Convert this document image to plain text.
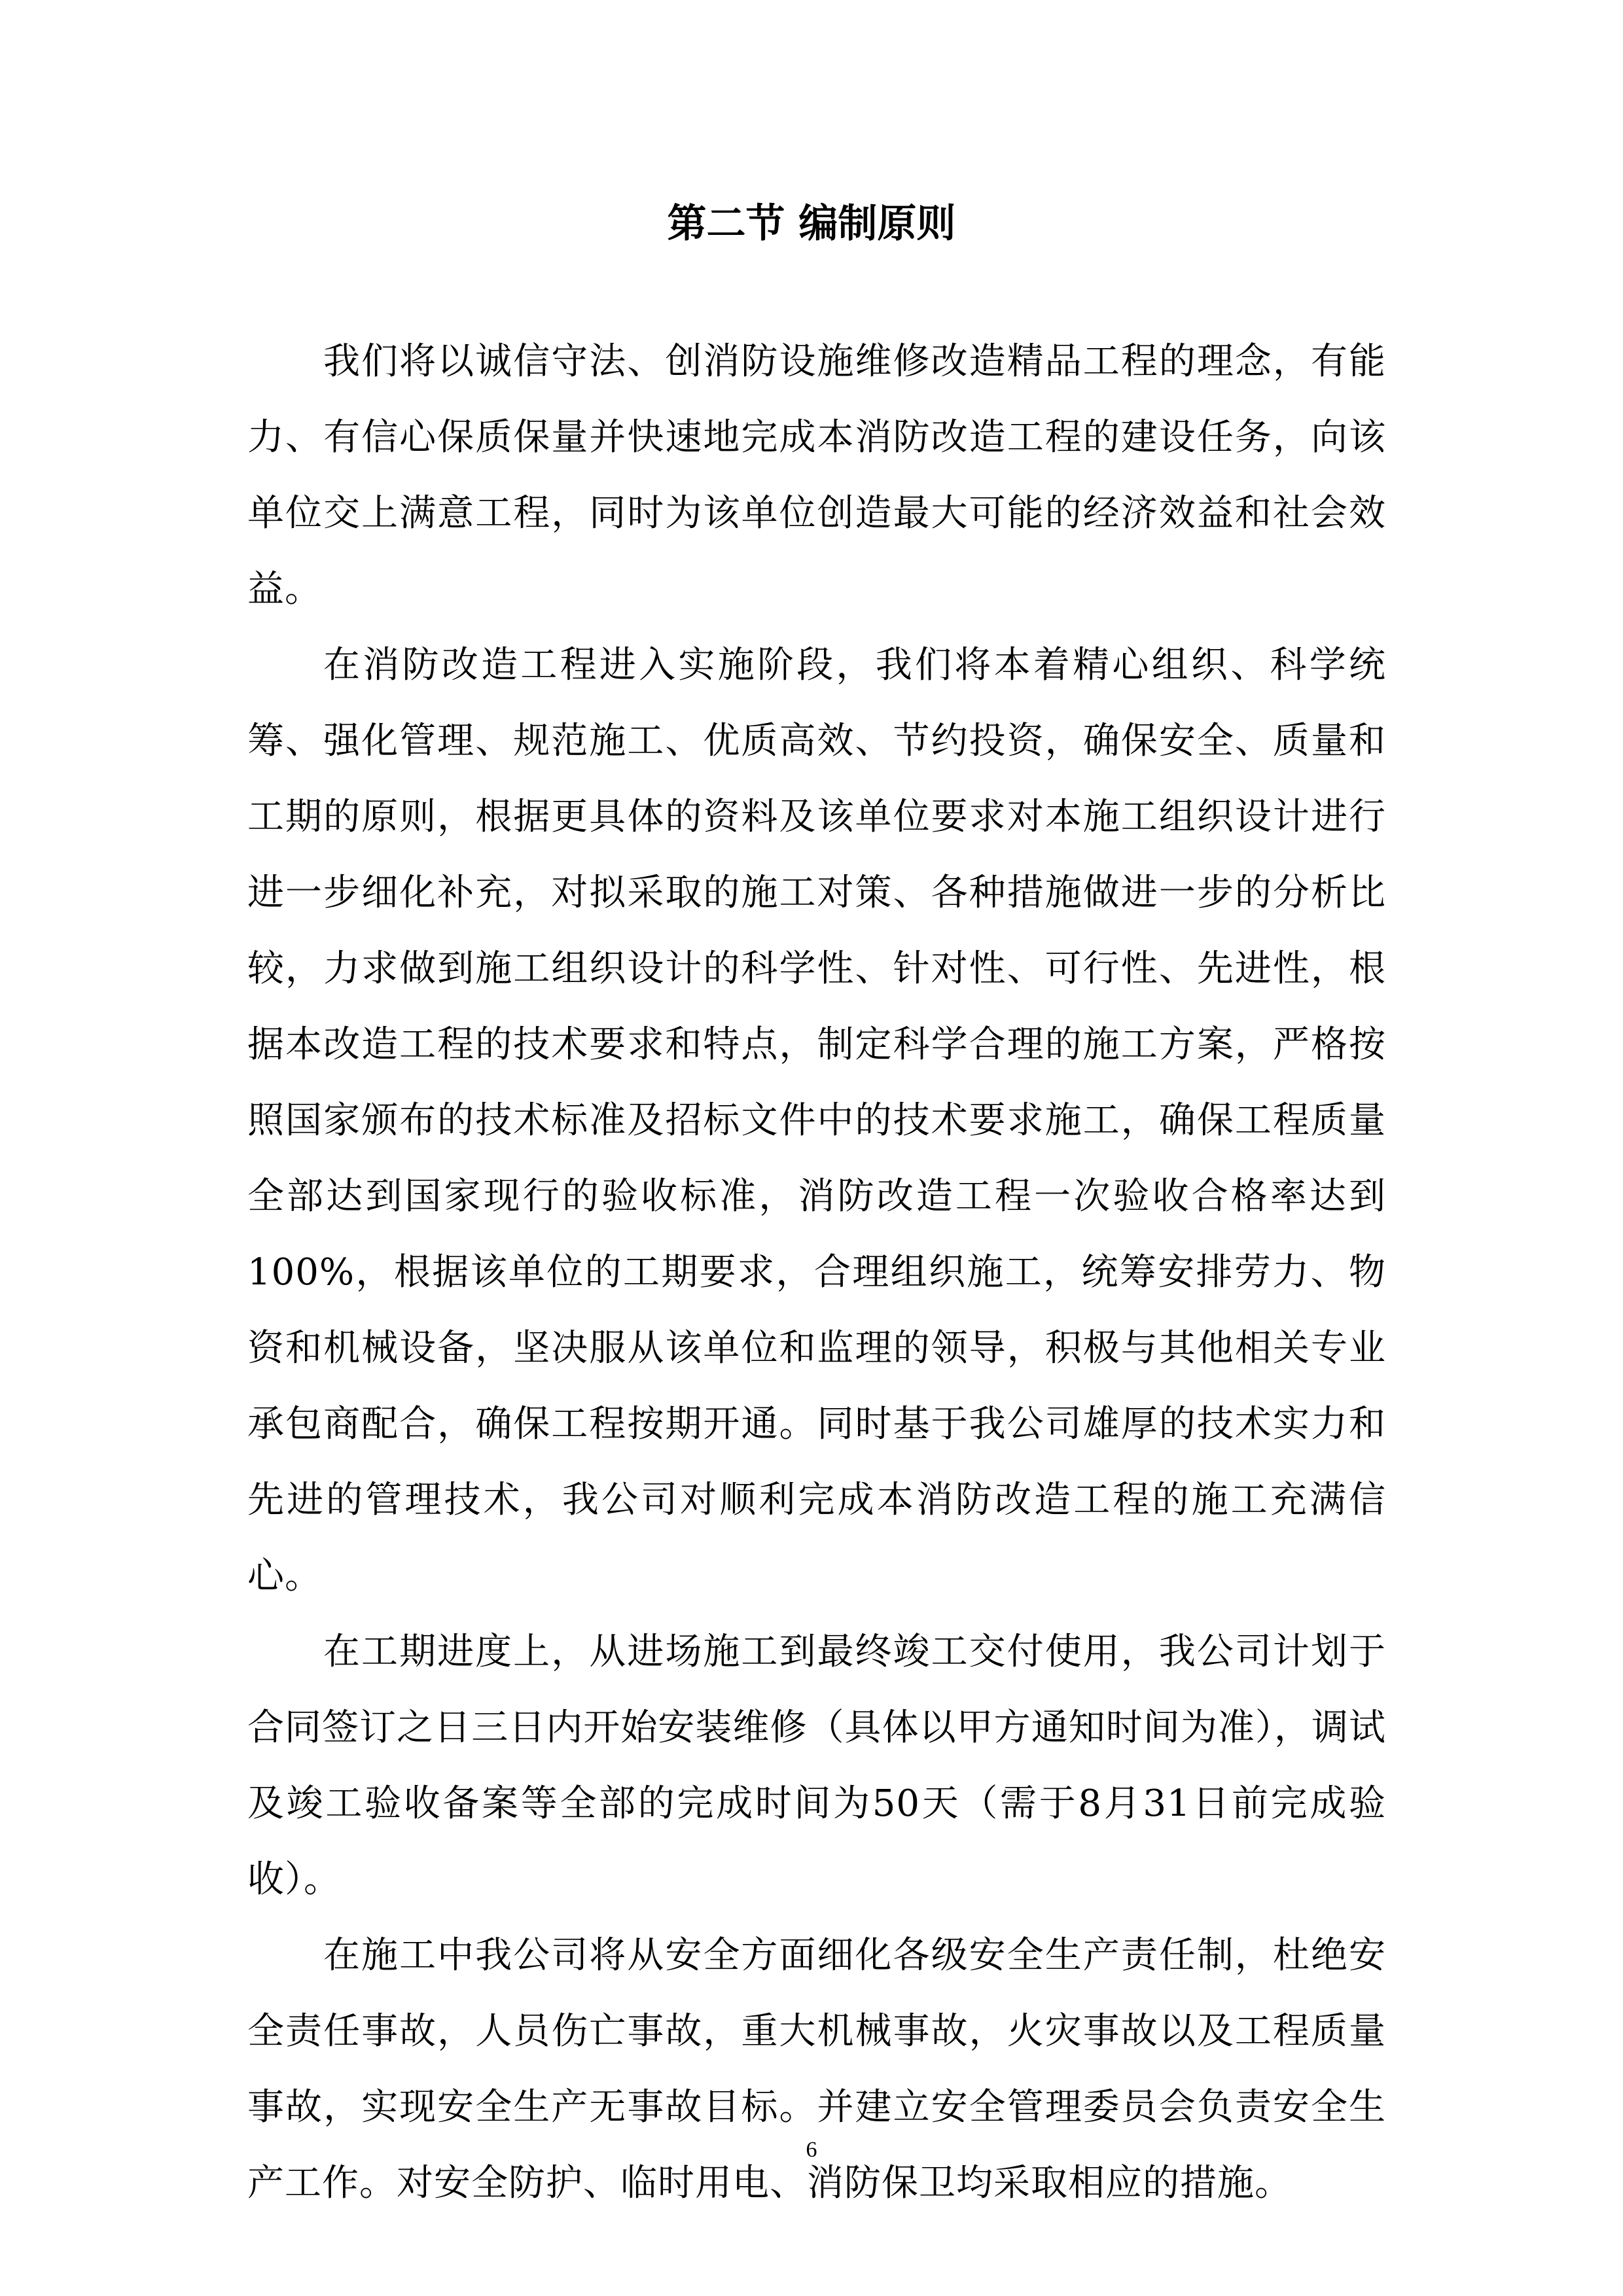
第二节 编制原则

我们将以诚信守法、创消防设施维修改造精品工程的理念，有能力、有信心保质保量并快速地完成本消防改造工程的建设任务，向该单位交上满意工程，同时为该单位创造最大可能的经济效益和社会效益。

在消防改造工程进入实施阶段，我们将本着精心组织、科学统筹、强化管理、规范施工、优质高效、节约投资，确保安全、质量和工期的原则，根据更具体的资料及该单位要求对本施工组织设计进行进一步细化补充，对拟采取的施工对策、各种措施做进一步的分析比较，力求做到施工组织设计的科学性、针对性、可行性、先进性，根据本改造工程的技术要求和特点，制定科学合理的施工方案，严格按照国家颁布的技术标准及招标文件中的技术要求施工，确保工程质量全部达到国家现行的验收标准，消防改造工程一次验收合格率达到100%，根据该单位的工期要求，合理组织施工，统筹安排劳力、物资和机械设备，坚决服从该单位和监理的领导，积极与其他相关专业承包商配合，确保工程按期开通。同时基于我公司雄厚的技术实力和先进的管理技术，我公司对顺利完成本消防改造工程的施工充满信心。

在工期进度上，从进场施工到最终竣工交付使用，我公司计划于合同签订之日三日内开始安装维修（具体以甲方通知时间为准），调试及竣工验收备案等全部的完成时间为50天（需于8月31日前完成验收）。

在施工中我公司将从安全方面细化各级安全生产责任制，杜绝安全责任事故，人员伤亡事故，重大机械事故，火灾事故以及工程质量事故，实现安全生产无事故目标。并建立安全管理委员会负责安全生产工作。对安全防护、临时用电、消防保卫均采取相应的措施。

6
